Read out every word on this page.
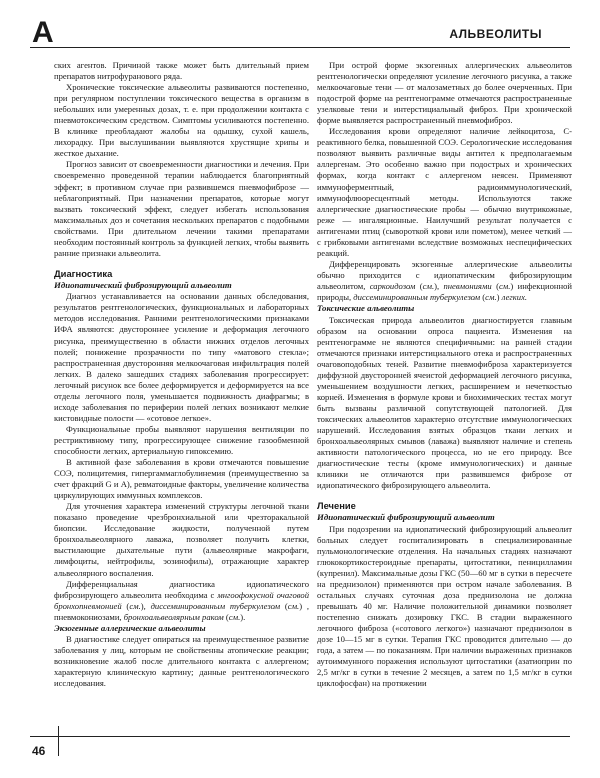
А	АЛЬВЕОЛИТЫ

ских агентов. Причиной также может быть длительный прием препаратов нитрофуранового ряда.

Хронические токсические альвеолиты развиваются постепенно, при регулярном поступлении токсического вещества в организм в небольших или умеренных дозах, т. е. при продолжении контакта с пневмотоксическим средством. Симптомы усиливаются постепенно. В клинике преобладают жалобы на одышку, сухой кашель, лихорадку. При выслушивании выявляются хрустящие хрипы и жесткое дыхание.

Прогноз зависит от своевременности диагностики и лечения. При своевременно проведенной терапии наблюдается благоприятный эффект; в противном случае при развившемся пневмофиброзе — неблагоприятный. При назначении препаратов, которые могут вызвать токсический эффект, следует избегать использования максимальных доз и сочетания нескольких препаратов с подобными свойствами. При длительном лечении такими препаратами необходим постоянный контроль за функцией легких, чтобы выявить ранние признаки альвеолита.

Диагностика
Идиопатический фиброзирующий альвеолит

Диагноз устанавливается на основании данных обследования, результатов рентгенологических, функциональных и лабораторных методов исследования. Ранними рентгенологическими признаками ИФА являются: двустороннее усиление и деформация легочного рисунка, преимущественно в области нижних отделов легочных полей; понижение прозрачности по типу «матового стекла»; распространенная двусторонняя мелкоочаговая инфильтрация полей легких. В далеко зашедших стадиях заболевания прогрессирует: легочный рисунок все более деформируется и деформируется на все отделы легочного поля, уменьшается подвижность диафрагмы; в исходе заболевания по периферии полей легких возникают мелкие кистовидные полости — «сотовое легкое».

Функциональные пробы выявляют нарушения вентиляции по рестриктивному типу, прогрессирующее снижение газообменной способности легких, артериальную гипоксемию.

В активной фазе заболевания в крови отмечаются повышение СОЭ, полицитемия, гипергаммаглобулинемия (преимущественно за счет фракций G и A), ревматоидные факторы, увеличение количества циркулирующих иммунных комплексов.

Для уточнения характера изменений структуры легочной ткани показано проведение чрезбронхиальной или чрезторакальной биопсии. Исследование жидкости, полученной путем бронхоальвеолярного лаважа, позволяет получить клетки, выстилающие дыхательные пути (альвеолярные макрофаги, лимфоциты, нейтрофилы, эозинофилы), отражающие характер альвеолярного воспаления.

Дифференциальная диагностика идиопатического фиброзирующего альвеолита необходима с мнгоофокусной очаговой бронхопневмонией (см.), диссеминированным туберкулезом (см.) , пневмокониозами, бронхоальвеолярным раком (см.).

Экзогенные аллергические альвеолиты

В диагностике следует опираться на преимущественное развитие заболевания у лиц, которым не свойственны атопические реакции; возникновение жалоб после длительного контакта с аллергеном; характерную клиническую картину; данные рентгенологического исследования.

При острой форме экзогенных аллергических альвеолитов рентгенологически определяют усиление легочного рисунка, а также мелкоочаговые тени — от малозаметных до более очерченных. При подострой форме на рентгенограмме отмечаются распространенные узелковые тени и интерстициальный фиброз. При хронической форме выявляется распространенный пневмофиброз.

Исследования крови определяют наличие лейкоцитоза, С-реактивного белка, повышенной СОЭ. Серологические исследования позволяют выявить различные виды антител к предполагаемым аллергенам. Это особенно важно при подострых и хронических формах, когда контакт с аллергеном неясен. Применяют иммуноферментный, радиоиммунологический, иммунофлюоресцентный методы. Используются также аллергические диагностические пробы — обычно внутрикожные, реже — ингаляционные. Наилучший результат получается с антигенами птиц (сывороткой крови или пометом), менее четкий — с грибковыми антигенами вследствие возможных неспецифических реакций.

Дифференцировать экзогенные аллергические альвеолиты обычно приходится с идиопатическим фиброзирующим альвеолитом, саркоидозом (см.), пневмониями (см.) инфекционной природы, диссеминированным туберкулезом (см.) легких.

Токсические альвеолиты

Токсическая природа альвеолитов диагностируется главным образом на основании опроса пациента. Изменения на рентгенограмме не являются специфичными: на ранней стадии отмечаются признаки интерстициального отека и распространенных очаговоподобных теней. Развитие пневмофиброза характеризуется диффузной двусторонней ячеистой деформацией легочного рисунка, уменьшением воздушности легких, расширением и нечеткостью корней. Изменения в формуле крови и биохимических тестах могут быть вызваны различной сопутствующей патологией. Для токсических альвеолитов характерно отсутствие иммунологических нарушений. Исследования взятых образцов ткани легких и бронхоальвеолярных смывов (лаважа) выявляют наличие и степень активности патологического процесса, но не его природу. Все диагностические тесты (кроме иммунологических) и данные клиники не отличаются при развившемся фиброзе от идиопатического фиброзирующего альвеолита.

Лечение
Идиопатический фиброзирующий альвеолит

При подозрении на идиопатический фиброзирующий альвеолит больных следует госпитализировать в специализированные пульмонологические отделения. На начальных стадиях назначают глюкокортикостероидные препараты, цитостатики, пеницилламин (купренил). Максимальные дозы ГКС (50—60 мг в сутки в пересчете на преднизолон) применяются при остром начале заболевания. В остальных случаях суточная доза преднизолона не должна превышать 40 мг. Наличие положительной динамики позволяет постепенно снижать дозировку ГКС. В стадии выраженного легочного фиброза («сотового легкого») назначают преднизолон в дозе 10—15 мг в сутки. Терапия ГКС проводится длительно — до года, а затем — по показаниям. При наличии выраженных признаков аутоиммунного поражения используют цитостатики (азатиоприн по 2,5 мг/кг в сутки в течение 2 месяцев, а затем по 1,5 мг/кг в сутки циклофосфан) на протяжении

46
